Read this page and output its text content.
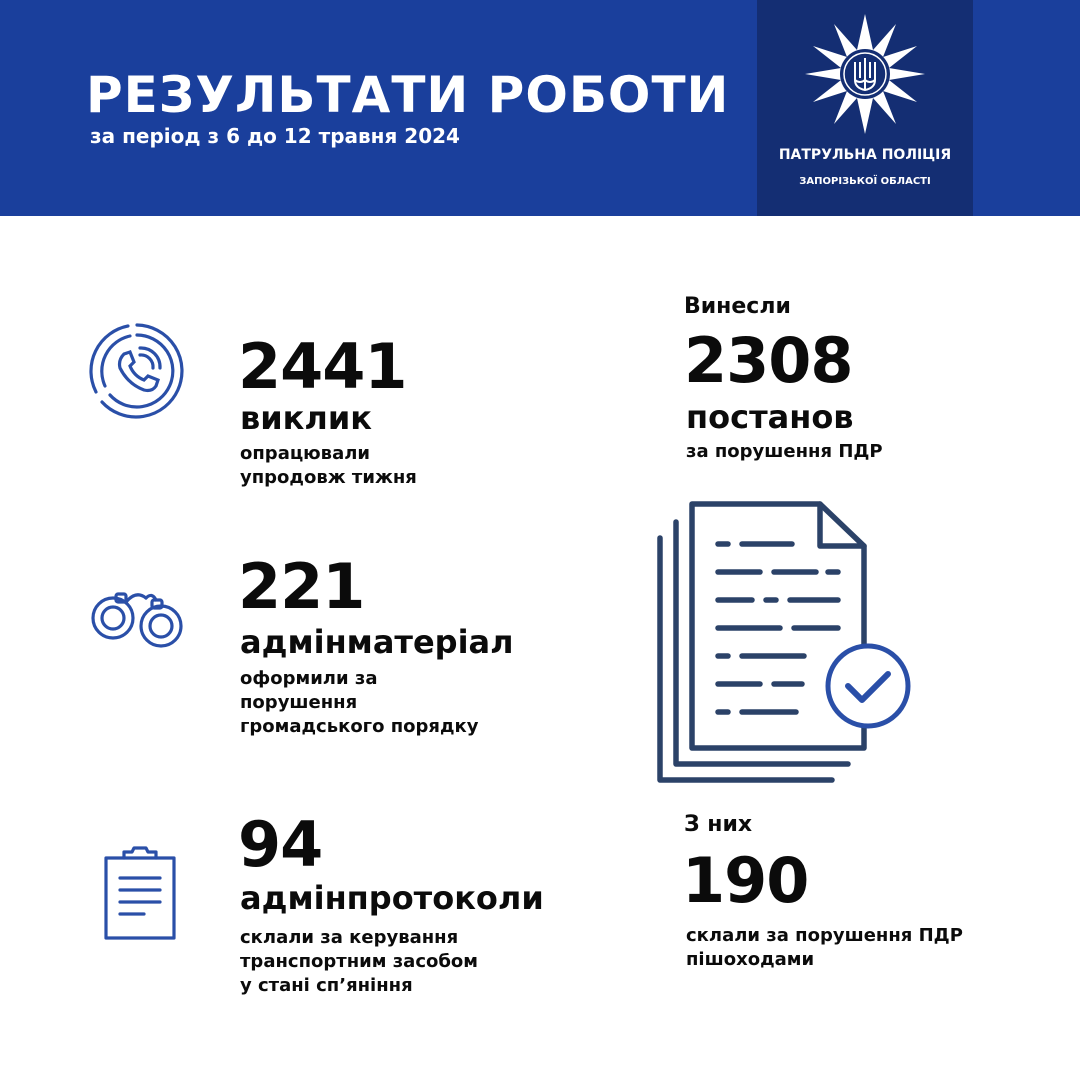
РЕЗУЛЬТАТИ РОБОТИ
за період з 6 до 12 травня 2024
ПАТРУЛЬНА ПОЛІЦІЯ
ЗАПОРІЗЬКОЇ ОБЛАСТІ
2441
виклик
опрацювали
упродовж тижня
221
адмінматеріал
оформили за
порушення
громадського порядку
94
адмінпротоколи
склали за керування
транспортним засобом
у стані сп’яніння
Винесли
2308
постанов
за порушення ПДР
З них
190
склали за порушення ПДР
пішоходами
